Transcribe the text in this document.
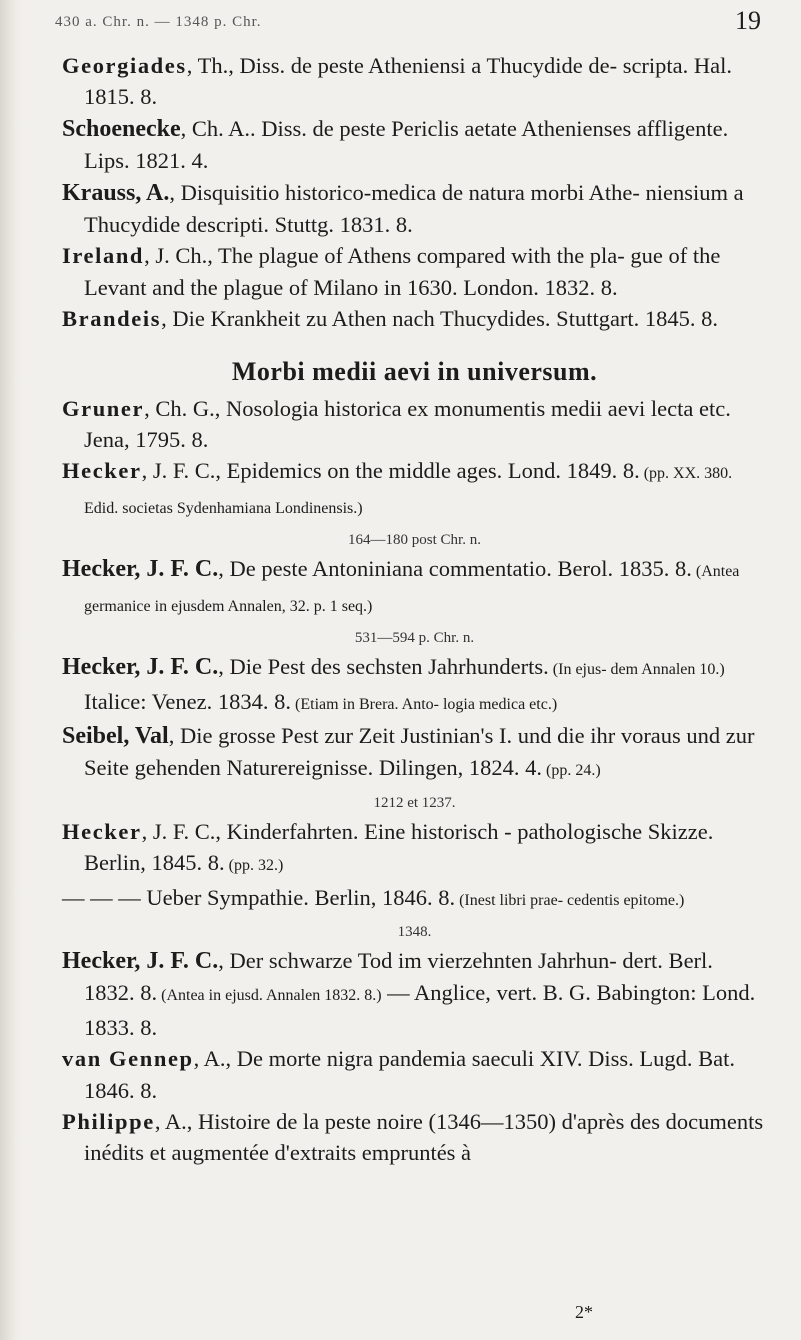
430 a. Chr. n. — 1348 p. Chr.	19

Georgiades, Th., Diss. de peste Atheniensi a Thucydide de- scripta. Hal. 1815. 8.

Schoenecke, Ch. A.. Diss. de peste Periclis aetate Athenienses affligente. Lips. 1821. 4.

Krauss, A., Disquisitio historico-medica de natura morbi Athe- niensium a Thucydide descripti. Stuttg. 1831. 8.

Ireland, J. Ch., The plague of Athens compared with the pla- gue of the Levant and the plague of Milano in 1630. London. 1832. 8.

Brandeis, Die Krankheit zu Athen nach Thucydides. Stuttgart. 1845. 8.

Morbi medii aevi in universum.

Gruner, Ch. G., Nosologia historica ex monumentis medii aevi lecta etc. Jena, 1795. 8.

Hecker, J. F. C., Epidemics on the middle ages. Lond. 1849. 8. (pp. XX. 380. Edid. societas Sydenhamiana Londinensis.)

164—180 post Chr. n.

Hecker, J. F. C., De peste Antoniniana commentatio. Berol. 1835. 8. (Antea germanice in ejusdem Annalen, 32. p. 1 seq.)

531—594 p. Chr. n.

Hecker, J. F. C., Die Pest des sechsten Jahrhunderts. (In ejus- dem Annalen 10.) Italice: Venez. 1834. 8. (Etiam in Brera. Anto- logia medica etc.)

Seibel, Val, Die grosse Pest zur Zeit Justinian's I. und die ihr voraus und zur Seite gehenden Naturereignisse. Dilingen, 1824. 4. (pp. 24.)

1212 et 1237.

Hecker, J. F. C., Kinderfahrten. Eine historisch - pathologische Skizze. Berlin, 1845. 8. (pp. 32.)

— — — Ueber Sympathie. Berlin, 1846. 8. (Inest libri prae- cedentis epitome.)

1348.

Hecker, J. F. C., Der schwarze Tod im vierzehnten Jahrhun- dert. Berl. 1832. 8. (Antea in ejusd. Annalen 1832. 8.) — Anglice, vert. B. G. Babington: Lond. 1833. 8.

van Gennep, A., De morte nigra pandemia saeculi XIV. Diss. Lugd. Bat. 1846. 8.

Philippe, A., Histoire de la peste noire (1346—1350) d'après des documents inédits et augmentée d'extraits empruntés à

2*
